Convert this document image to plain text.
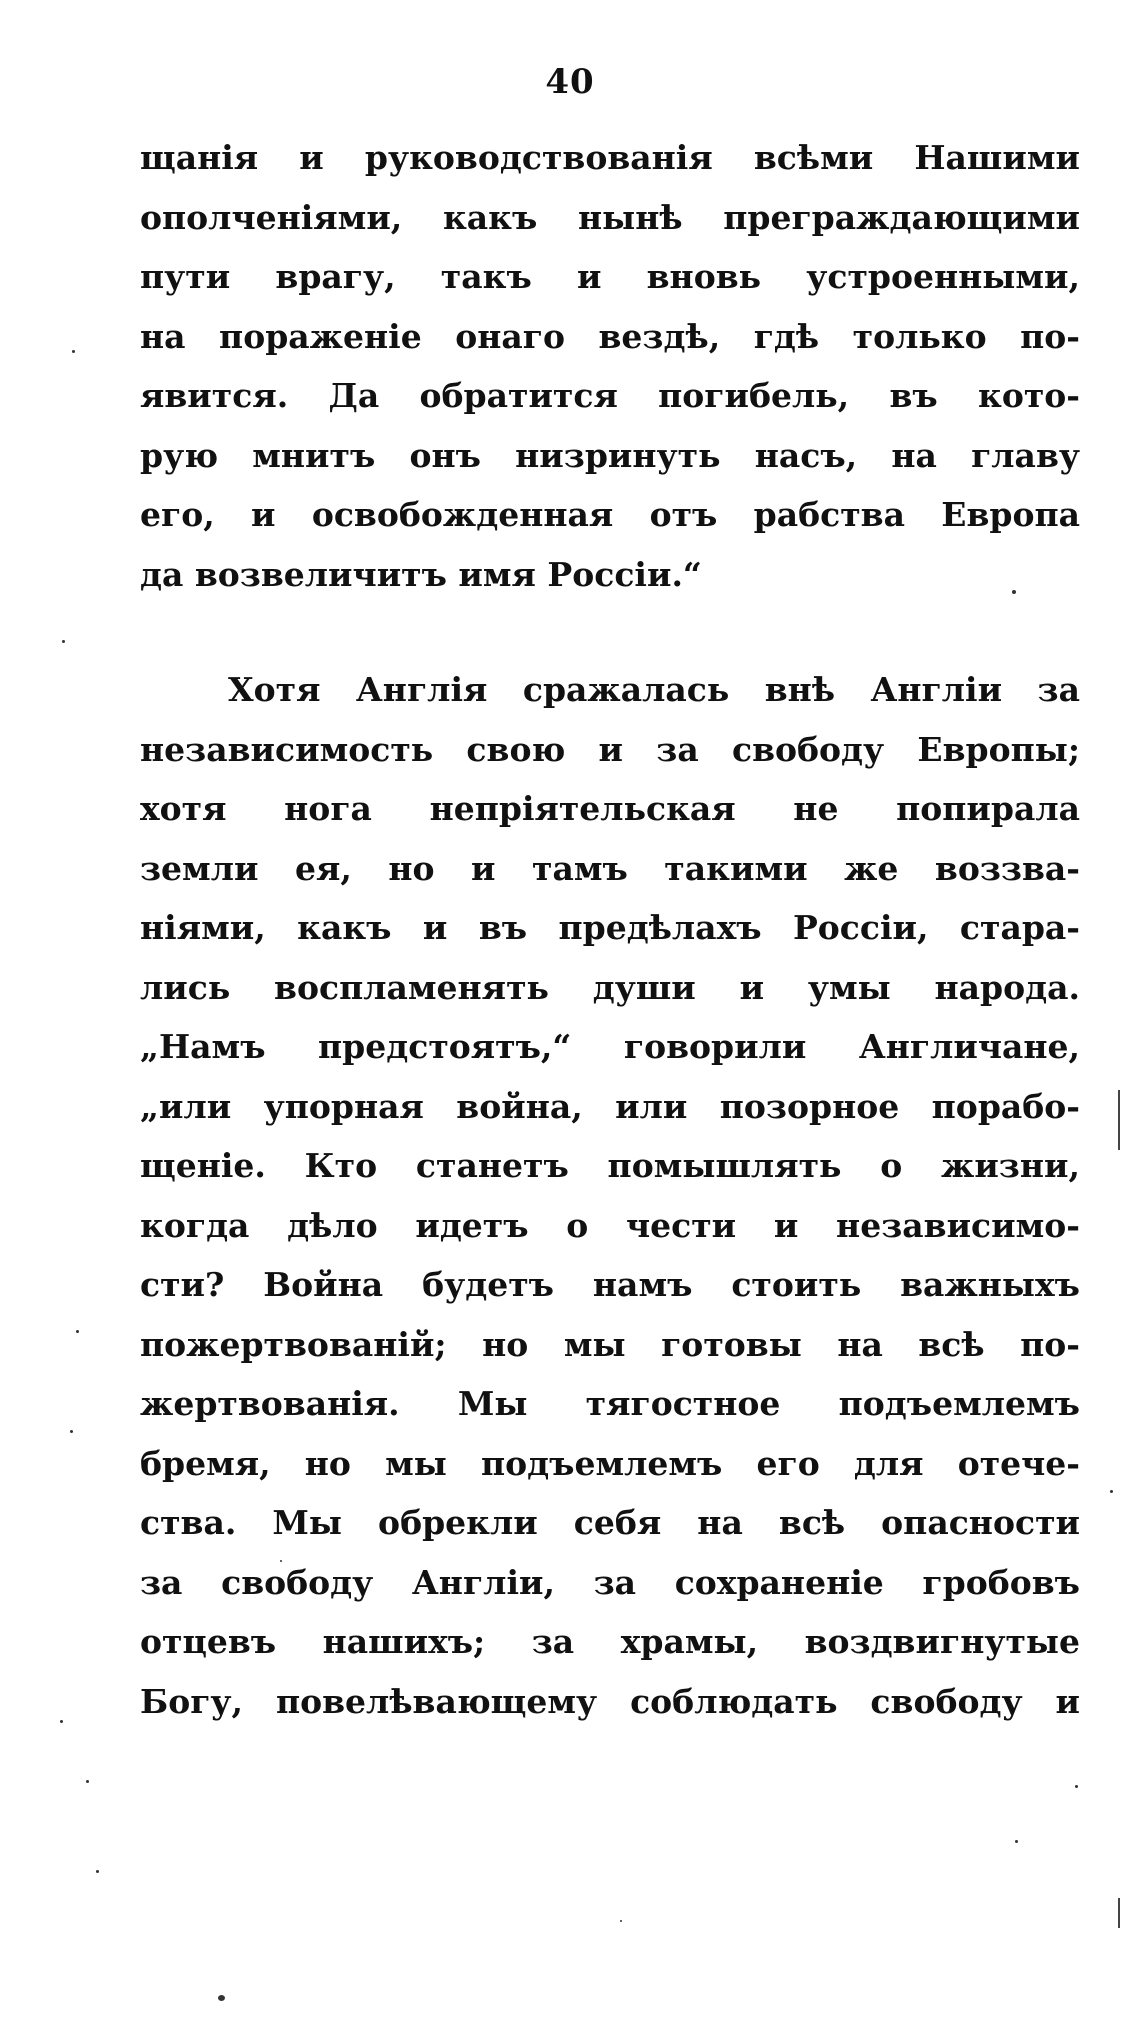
40
щанія и руководствованія всѣми Нашими
ополченіями, какъ нынѣ преграждающими
пути врагу, такъ и вновь устроенными,
на пораженіе онаго вездѣ, гдѣ только по-
явится. Да обратится погибель, въ кото-
рую мнитъ онъ низринуть насъ, на главу
его, и освобожденная отъ рабства Европа
да возвеличитъ имя Россіи.“
Хотя Англія сражалась внѣ Англіи за
независимость свою и за свободу Европы;
хотя нога непріятельская не попирала
земли ея, но и тамъ такими же воззва-
ніями, какъ и въ предѣлахъ Россіи, стара-
лись воспламенять души и умы народа.
„Намъ предстоятъ,“ говорили Англичане,
„или упорная война, или позорное порабо-
щеніе. Кто станетъ помышлять о жизни,
когда дѣло идетъ о чести и независимо-
сти? Война будетъ намъ стоить важныхъ
пожертвованій; но мы готовы на всѣ по-
жертвованія. Мы тягостное подъемлемъ
бремя, но мы подъемлемъ его для отече-
ства. Мы обрекли себя на всѣ опасности
за свободу Англіи, за сохраненіе гробовъ
отцевъ нашихъ; за храмы, воздвигнутые
Богу, повелѣвающему соблюдать свободу и
